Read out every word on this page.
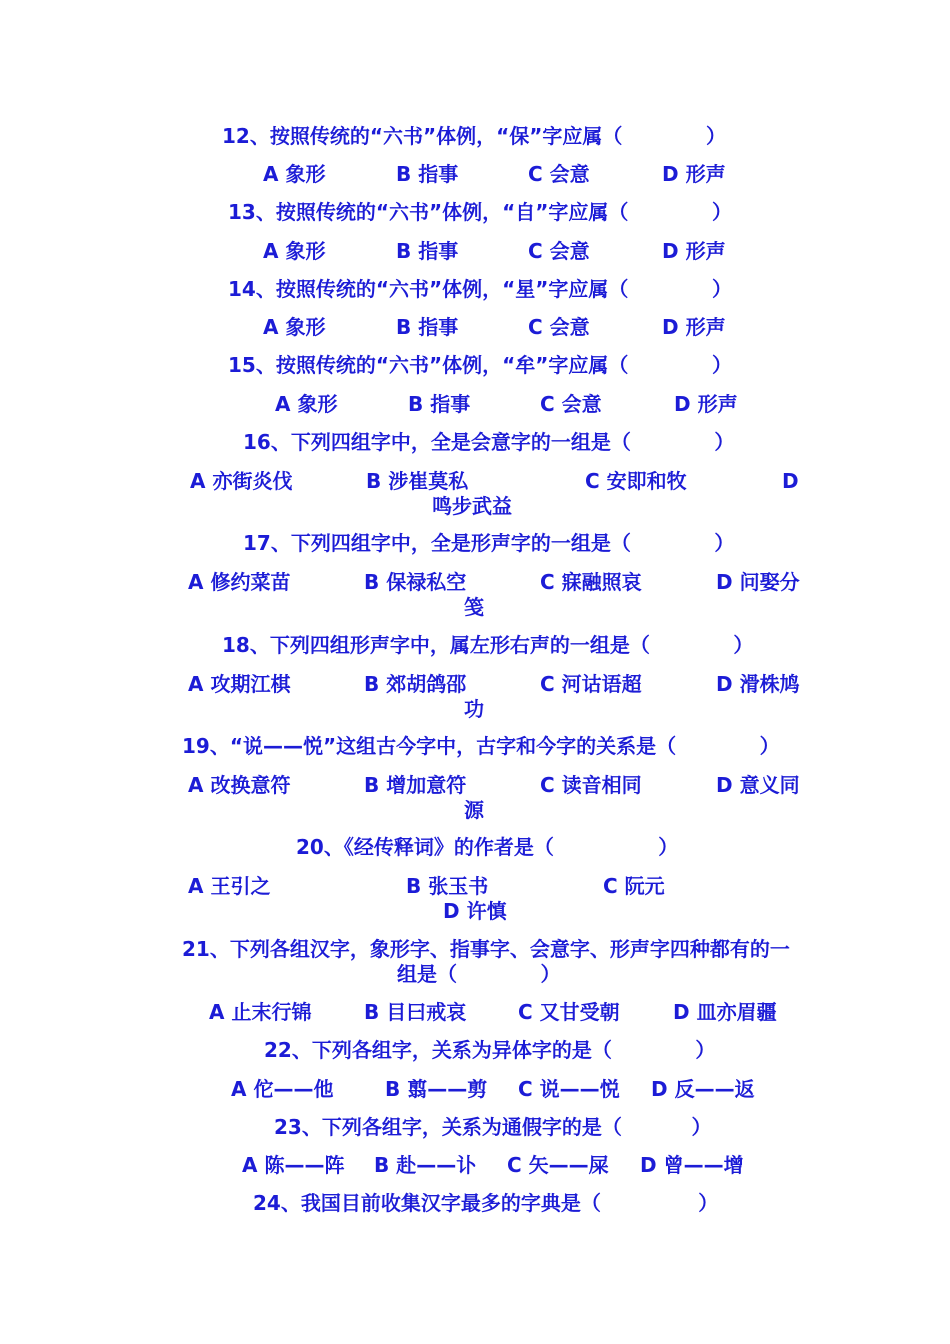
12、按照传统的“六书”体例，“保”字应属（            ）
A 象形	B 指事	C 会意	D 形声
13、按照传统的“六书”体例，“自”字应属（            ）
A 象形	B 指事	C 会意	D 形声
14、按照传统的“六书”体例，“星”字应属（            ）
A 象形	B 指事	C 会意	D 形声
15、按照传统的“六书”体例，“牟”字应属（            ）
A 象形	B 指事	C 会意	D 形声
16、下列四组字中，全是会意字的一组是（            ）
A 亦街炎伐	B 涉崔莫私	C 安即和牧	D
鸣步武益
17、下列四组字中，全是形声字的一组是（            ）
A 修约菜苗	B 保禄私空	C 寐融照哀	D 问娶分
笺
18、下列四组形声字中，属左形右声的一组是（            ）
A 攻期江棋	B 郊胡鸽邵	C 河诂语超	D 滑株鸠
功
19、“说——悦”这组古今字中，古字和今字的关系是（            ）
A 改换意符	B 增加意符	C 读音相同	D 意义同
源
20、《经传释词》的作者是（               ）
A 王引之	B 张玉书	C 阮元
D 许慎
21、下列各组汉字，象形字、指事字、会意字、形声字四种都有的一
组是（            ）
A 止末行锦	B 目曰戒哀	C 又甘受朝	D 皿亦眉疆
22、下列各组字，关系为异体字的是（            ）
A 佗——他	B 翦——剪 C 说——悦 D 反——返
23、下列各组字，关系为通假字的是（          ）
A 陈——阵 B 赴——讣 C 矢——屎 D 曾——增
24、我国目前收集汉字最多的字典是（              ）
